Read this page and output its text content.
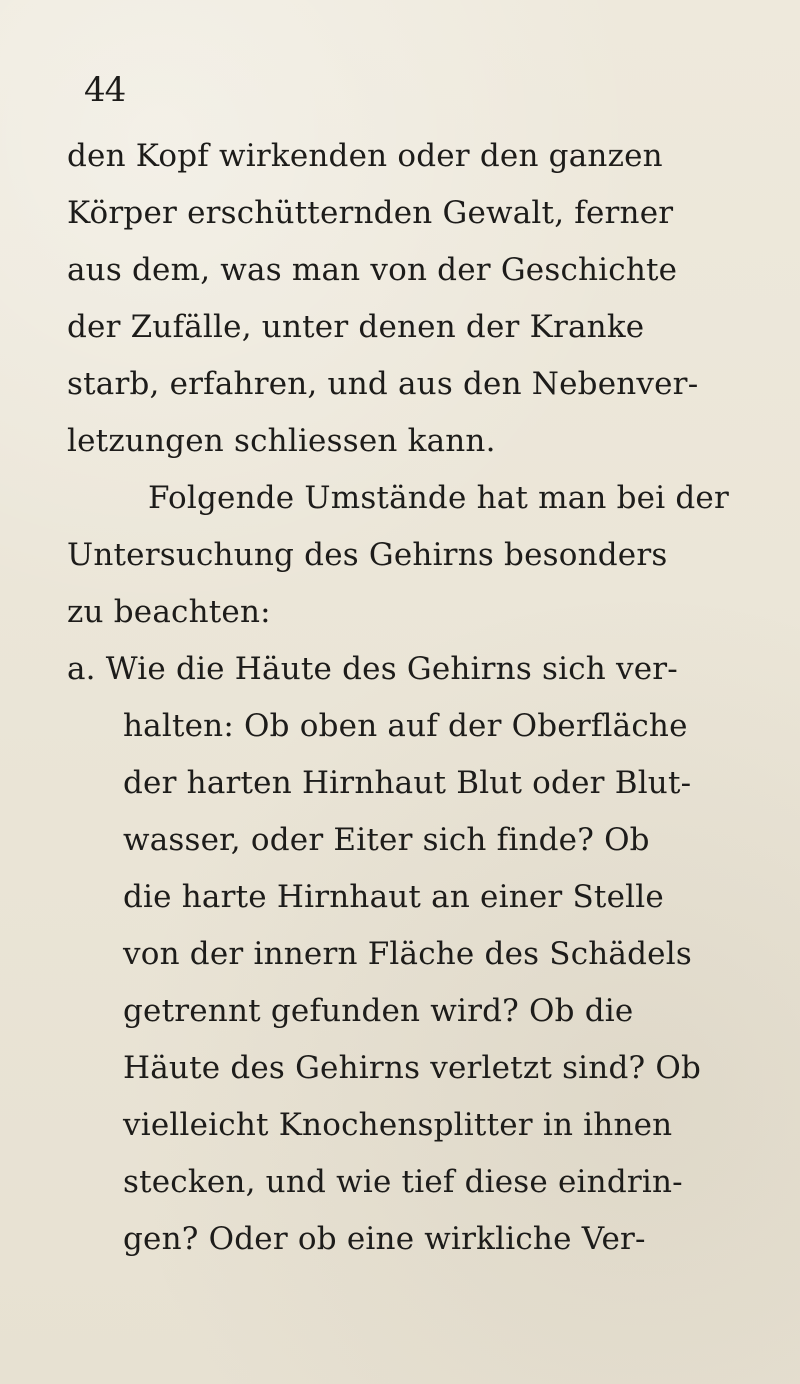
44
den Kopf wirkenden oder den ganzen
Körper erschütternden Gewalt, ferner
aus dem, was man von der Geschichte
der Zufälle, unter denen der Kranke
starb, erfahren, und aus den Nebenver-
letzungen schliessen kann.
Folgende Umstände hat man bei der
Untersuchung des Gehirns besonders
zu beachten:
a. Wie die Häute des Gehirns sich ver-
halten: Ob oben auf der Oberfläche
der harten Hirnhaut Blut oder Blut-
wasser, oder Eiter sich finde? Ob
die harte Hirnhaut an einer Stelle
von der innern Fläche des Schädels
getrennt gefunden wird? Ob die
Häute des Gehirns verletzt sind? Ob
vielleicht Knochensplitter in ihnen
stecken, und wie tief diese eindrin-
gen? Oder ob eine wirkliche Ver-
